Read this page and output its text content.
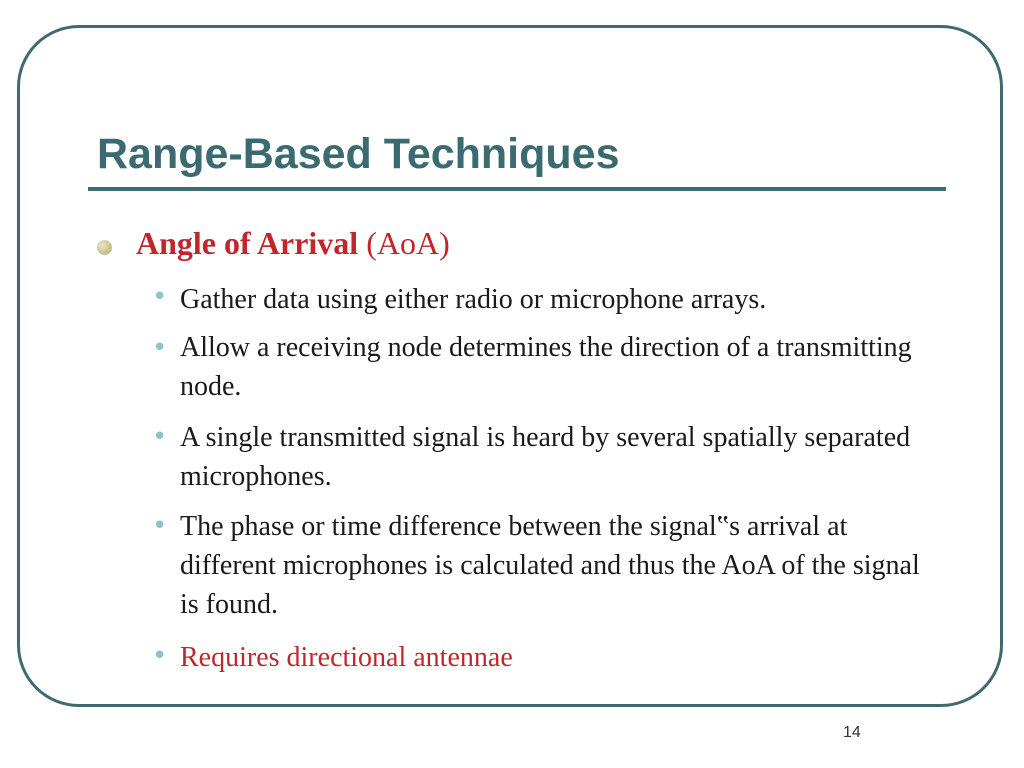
Range-Based Techniques
Angle of Arrival (AoA)
• Gather data using either radio or microphone arrays.
• Allow a receiving node determines the direction of a transmitting node.
• A single transmitted signal is heard by several spatially separated microphones.
• The phase or time difference between the signal‟s arrival at different microphones is calculated and thus the AoA of the signal is found.
• Requires directional antennae
14
